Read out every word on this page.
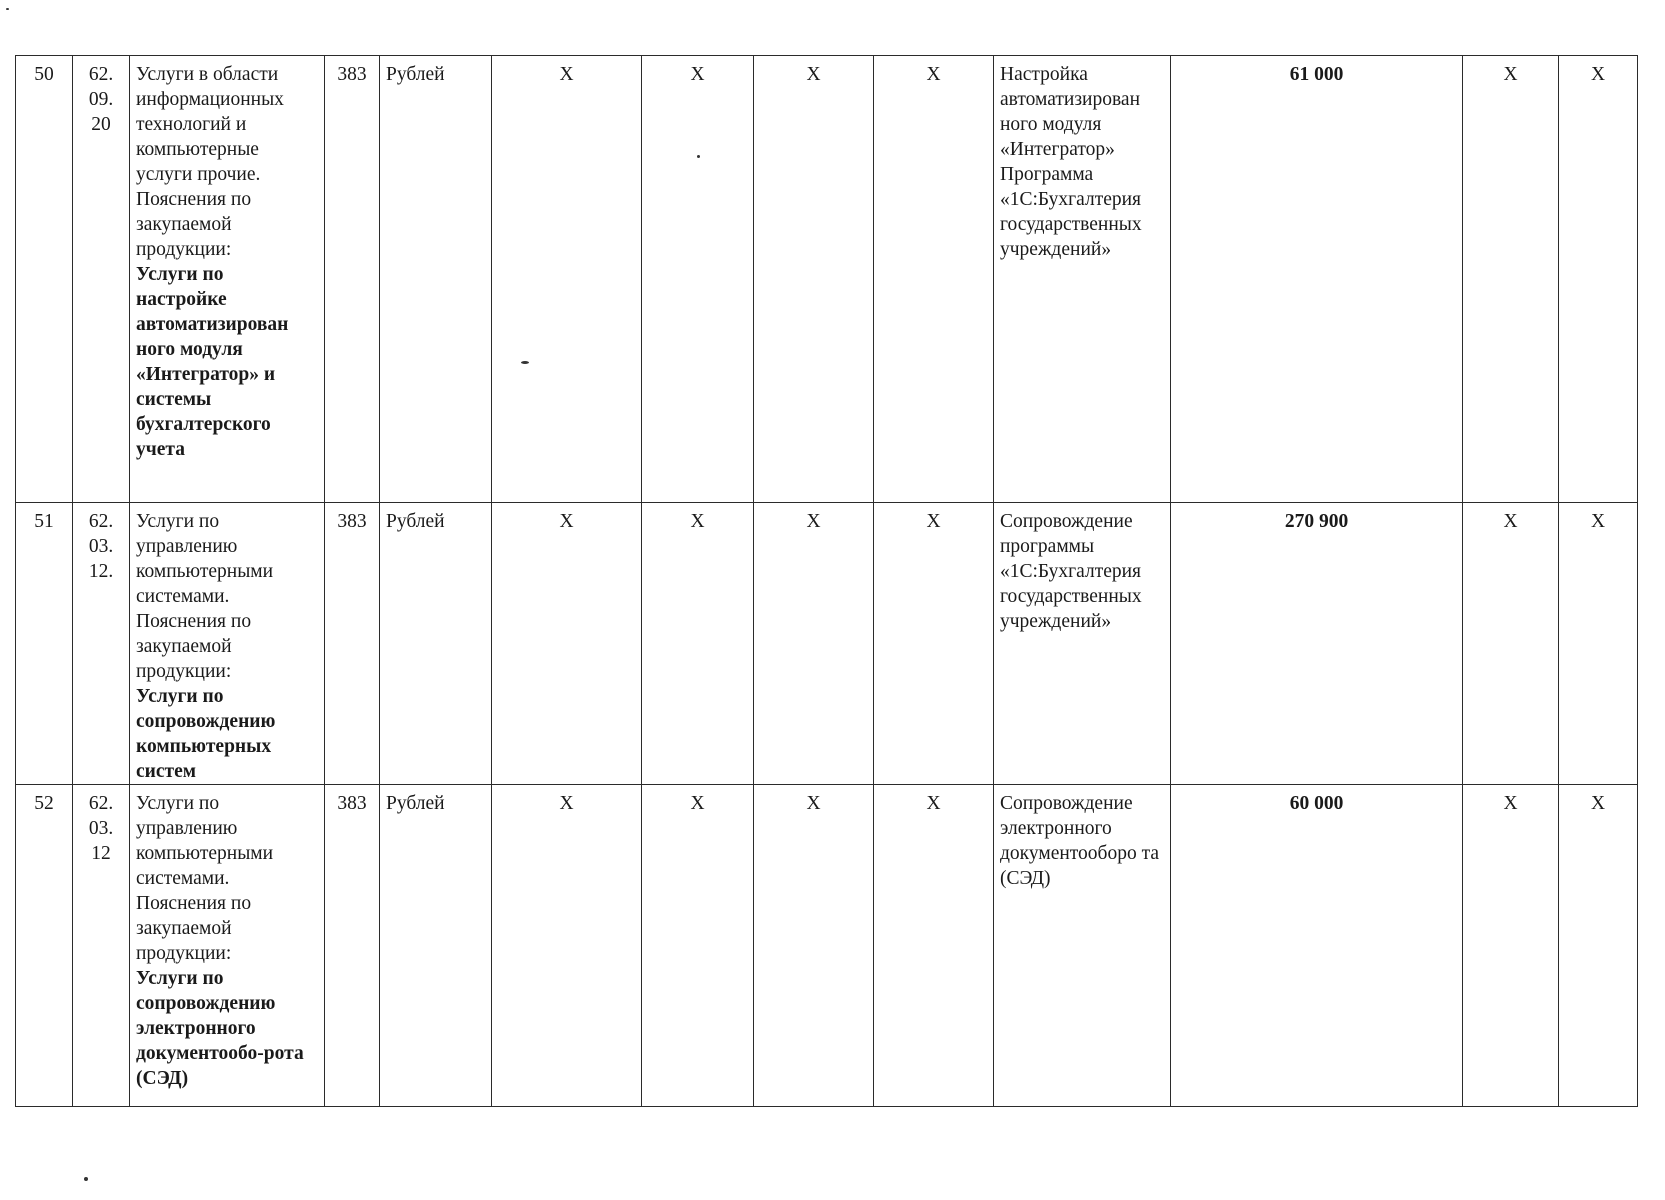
50	62.
09.
20	Услуги в области информационных технологий и компьютерные услуги прочие. Пояснения по закупаемой продукции:
Услуги по настройке автоматизирован ного модуля «Интегратор» и системы бухгалтерского учета	383	Рублей	X	X	X	X	Настройка автоматизирован ного модуля «Интегратор» Программа «1С:Бухгалтерия государственных учреждений»	61 000	X	X
51	62.
03.
12.	Услуги по управлению компьютерными системами. Пояснения по закупаемой продукции:
Услуги по сопровождению компьютерных систем	383	Рублей	X	X	X	X	Сопровождение программы «1С:Бухгалтерия государственных учреждений»	270 900	X	X
52	62.
03.
12	Услуги по управлению компьютерными системами. Пояснения по закупаемой продукции:
Услуги по сопровождению электронного документообо-рота (СЭД)	383	Рублей	X	X	X	X	Сопровождение электронного документооборо та (СЭД)	60 000	X	X
